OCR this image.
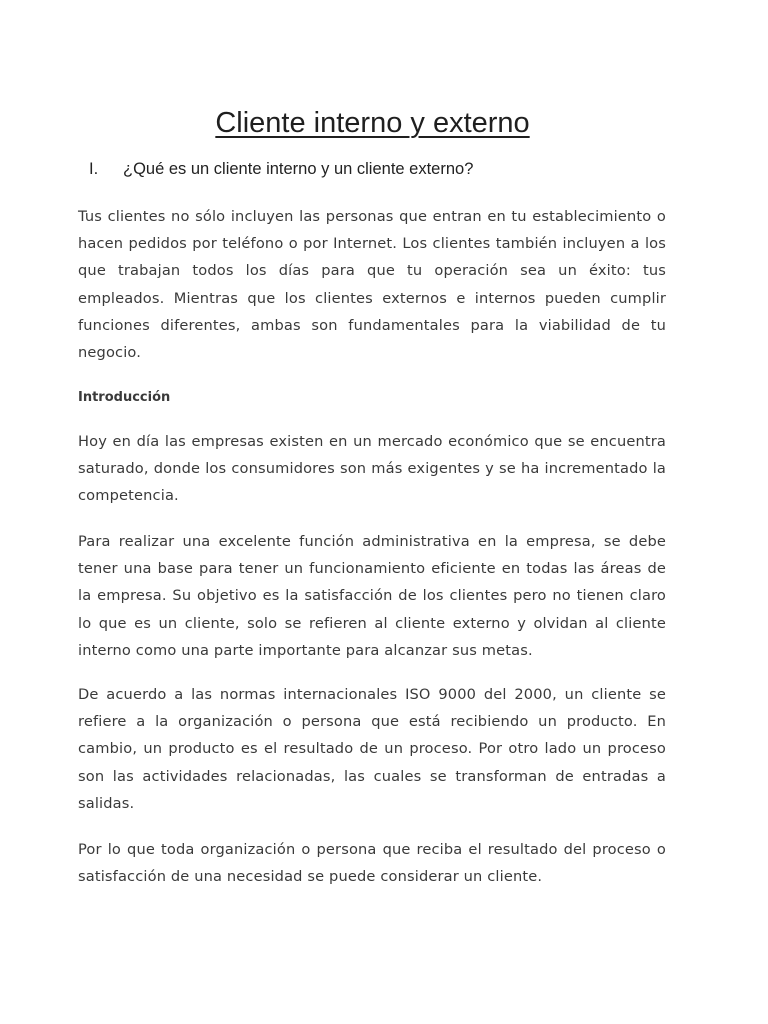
Cliente interno y externo
I. ¿Qué es un cliente interno y un cliente externo?

Tus clientes no sólo incluyen las personas que entran en tu establecimiento o hacen pedidos por teléfono o por Internet. Los clientes también incluyen a los que trabajan todos los días para que tu operación sea un éxito: tus empleados. Mientras que los clientes externos e internos pueden cumplir funciones diferentes, ambas son fundamentales para la viabilidad de tu negocio.

Introducción

Hoy en día las empresas existen en un mercado económico que se encuentra saturado, donde los consumidores son más exigentes y se ha incrementado la competencia.

Para realizar una excelente función administrativa en la empresa, se debe tener una base para tener un funcionamiento eficiente en todas las áreas de la empresa. Su objetivo es la satisfacción de los clientes pero no tienen claro lo que es un cliente, solo se refieren al cliente externo y olvidan al cliente interno como una parte importante para alcanzar sus metas.

De acuerdo a las normas internacionales ISO 9000 del 2000, un cliente se refiere a la organización o persona que está recibiendo un producto. En cambio, un producto es el resultado de un proceso. Por otro lado un proceso son las actividades relacionadas, las cuales se transforman de entradas a salidas.

Por lo que toda organización o persona que reciba el resultado del proceso o satisfacción de una necesidad se puede considerar un cliente.
